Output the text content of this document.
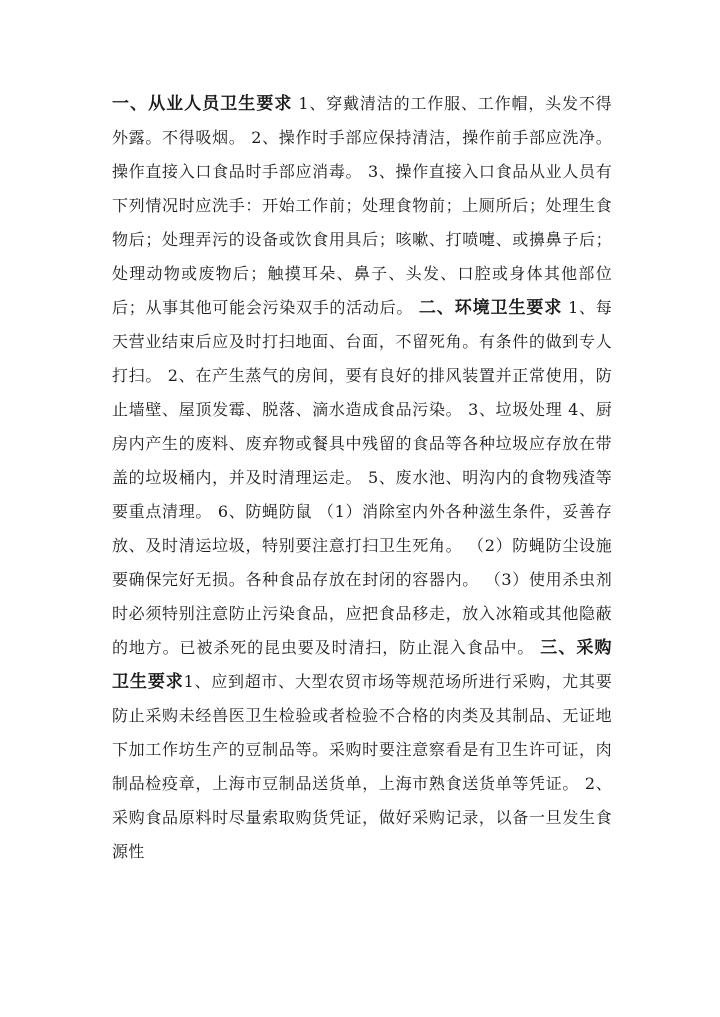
一、从业人员卫生要求 1、穿戴清洁的工作服、工作帽，头发不得外露。不得吸烟。 2、操作时手部应保持清洁，操作前手部应洗净。操作直接入口食品时手部应消毒。 3、操作直接入口食品从业人员有下列情况时应洗手：开始工作前；处理食物前；上厕所后；处理生食物后；处理弄污的设备或饮食用具后；咳嗽、打喷嚏、或擤鼻子后；处理动物或废物后；触摸耳朵、鼻子、头发、口腔或身体其他部位后；从事其他可能会污染双手的活动后。 二、环境卫生要求 1、每天营业结束后应及时打扫地面、台面，不留死角。有条件的做到专人打扫。 2、在产生蒸气的房间，要有良好的排风装置并正常使用，防止墙壁、屋顶发霉、脱落、滴水造成食品污染。 3、垃圾处理 4、厨房内产生的废料、废弃物或餐具中残留的食品等各种垃圾应存放在带盖的垃圾桶内，并及时清理运走。 5、废水池、明沟内的食物残渣等要重点清理。 6、防蝇防鼠 （1）消除室内外各种滋生条件，妥善存放、及时清运垃圾，特别要注意打扫卫生死角。 （2）防蝇防尘设施要确保完好无损。各种食品存放在封闭的容器内。 （3）使用杀虫剂时必须特别注意防止污染食品，应把食品移走，放入冰箱或其他隐蔽的地方。已被杀死的昆虫要及时清扫，防止混入食品中。 三、采购卫生要求1、应到超市、大型农贸市场等规范场所进行采购，尤其要防止采购未经兽医卫生检验或者检验不合格的肉类及其制品、无证地下加工作坊生产的豆制品等。采购时要注意察看是有卫生许可证，肉制品检疫章，上海市豆制品送货单，上海市熟食送货单等凭证。 2、采购食品原料时尽量索取购货凭证，做好采购记录，以备一旦发生食源性
